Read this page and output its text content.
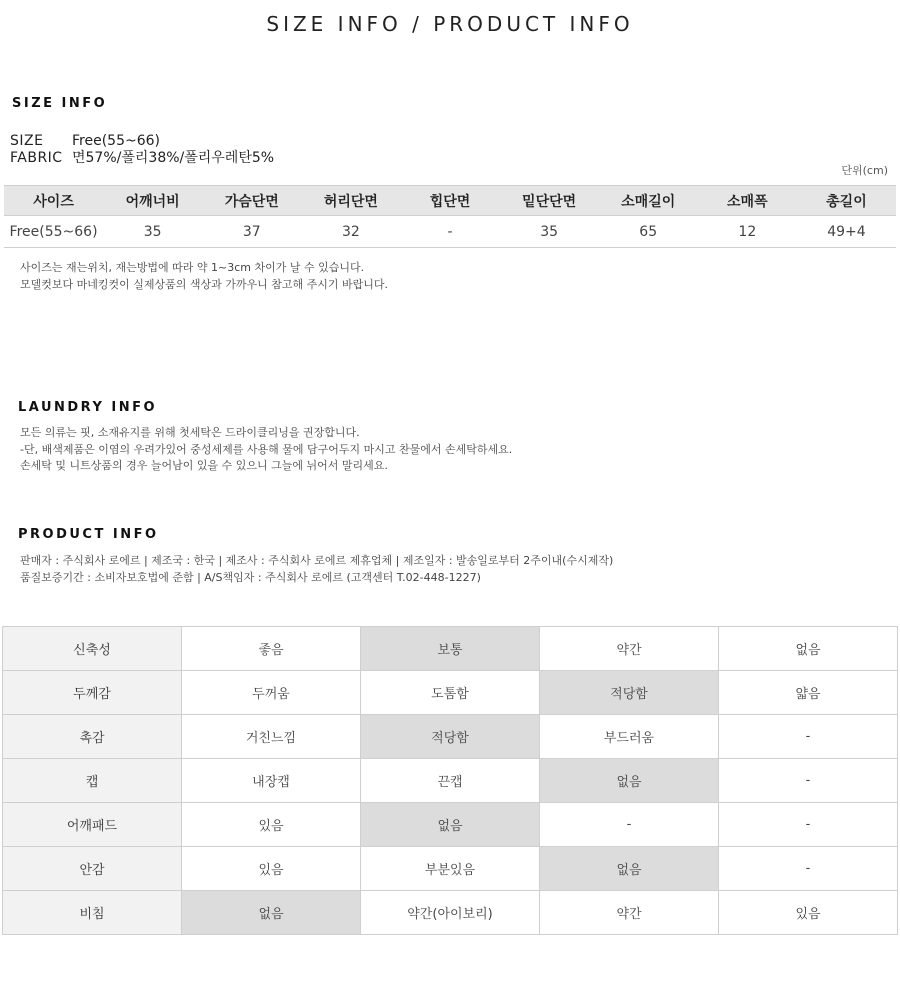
SIZE INFO / PRODUCT INFO
SIZE INFO
SIZE	Free(55~66)
FABRIC 면57%/폴리38%/폴리우레탄5%
단위(cm)
사이즈	어깨너비	가슴단면	허리단면	힙단면	밑단단면	소매길이	소매폭	총길이
Free(55~66)	35	37	32	-	35	65	12	49+4
사이즈는 재는위치, 재는방법에 따라 약 1~3cm 차이가 날 수 있습니다.
모델컷보다 마네킹컷이 실제상품의 색상과 가까우니 참고해 주시기 바랍니다.
LAUNDRY INFO
모든 의류는 핏, 소재유지를 위해 첫세탁은 드라이클리닝을 권장합니다.
-단, 배색제품은 이염의 우려가있어 중성세제를 사용해 물에 담구어두지 마시고 찬물에서 손세탁하세요.
손세탁 및 니트상품의 경우 늘어남이 있을 수 있으니 그늘에 뉘어서 말리세요.
PRODUCT INFO
판매자 : 주식회사 로에르 | 제조국 : 한국 | 제조사 : 주식회사 로에르 제휴업체 | 제조일자 : 발송일로부터 2주이내(수시제작)
품질보증기간 : 소비자보호법에 준함 | A/S책임자 : 주식회사 로에르 (고객센터 T.02-448-1227)
신축성	좋음	보통	약간	없음
두께감	두꺼움	도톰함	적당함	얇음
촉감	거친느낌	적당함	부드러움	-
캡	내장캡	끈캡	없음	-
어깨패드	있음	없음	-	-
안감	있음	부분있음	없음	-
비침	없음	약간(아이보리)	약간	있음
